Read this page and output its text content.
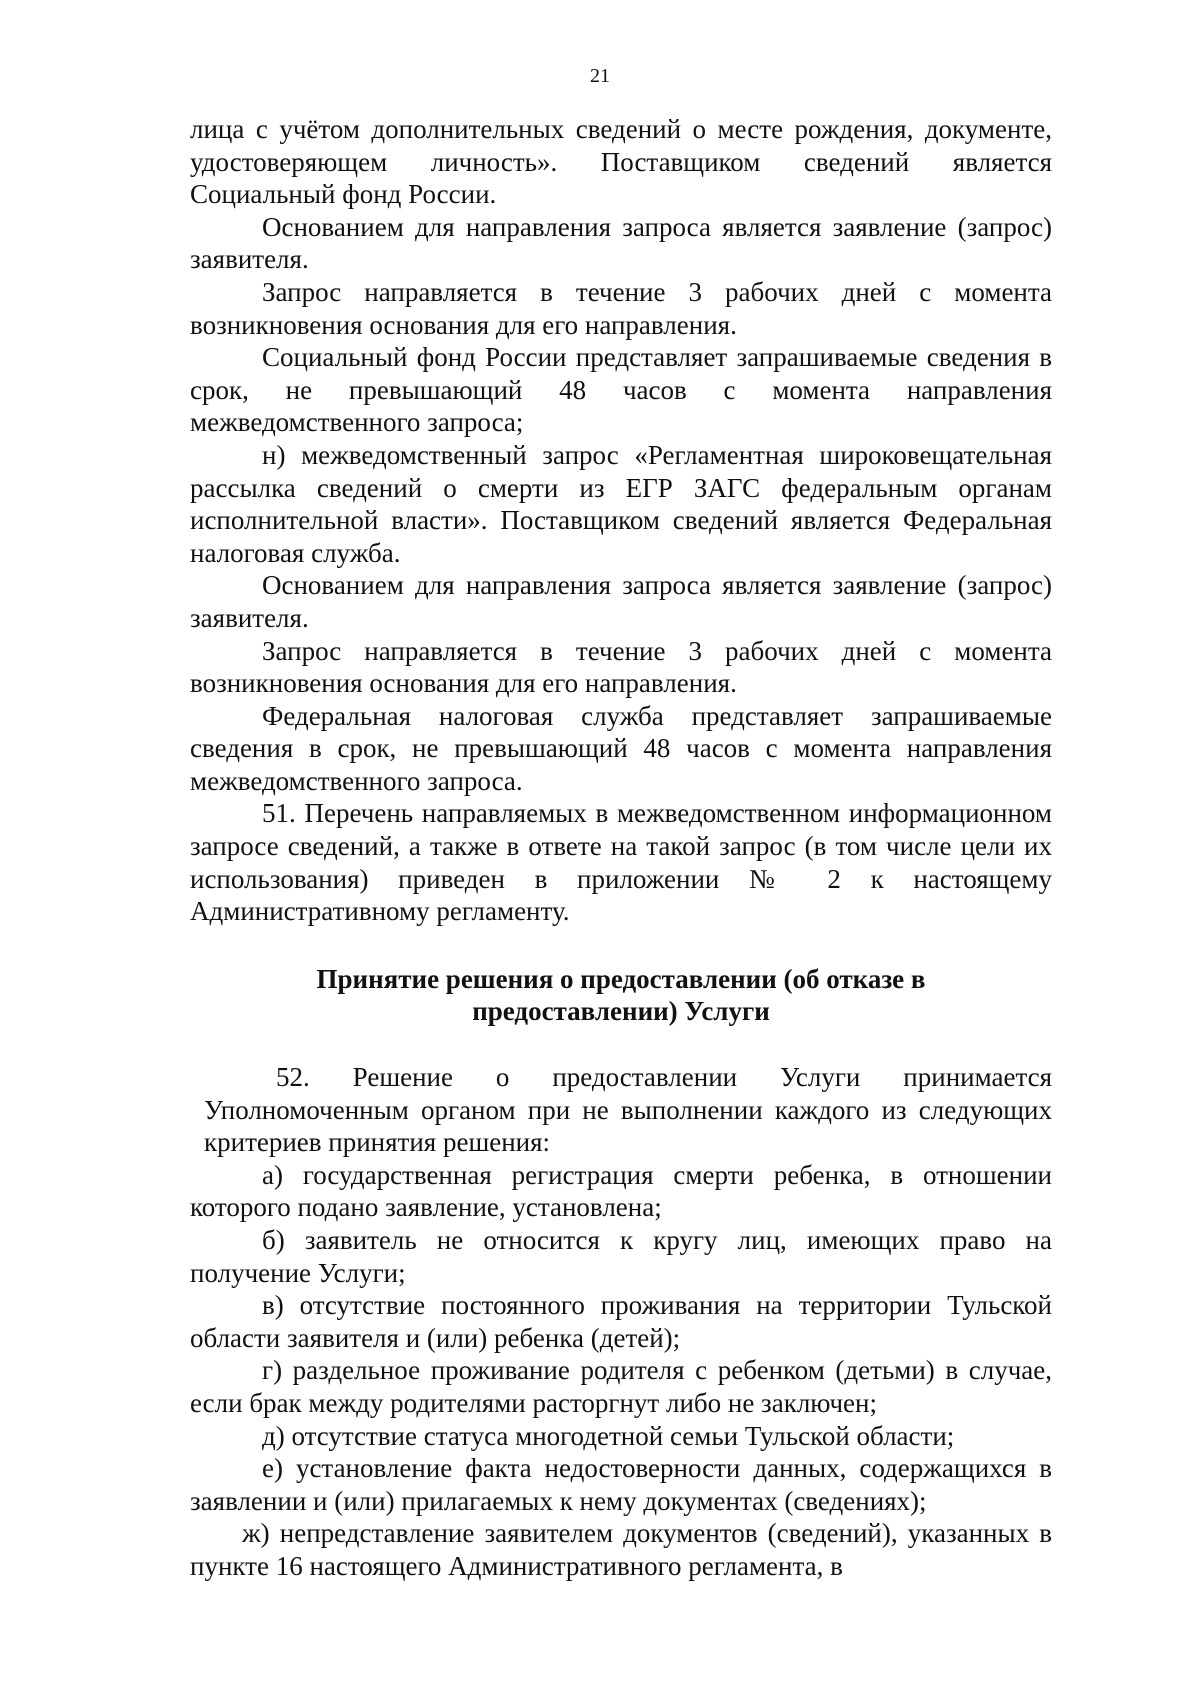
21

лица с учётом дополнительных сведений о месте рождения, документе, удостоверяющем личность». Поставщиком сведений является Социальный фонд России.

Основанием для направления запроса является заявление (запрос) заявителя.

Запрос направляется в течение 3 рабочих дней с момента возникновения основания для его направления.

Социальный фонд России представляет запрашиваемые сведения в срок, не превышающий 48 часов с момента направления межведомственного запроса;

н) межведомственный запрос «Регламентная широковещательная рассылка сведений о смерти из ЕГР ЗАГС федеральным органам исполнительной власти». Поставщиком сведений является Федеральная налоговая служба.

Основанием для направления запроса является заявление (запрос) заявителя.

Запрос направляется в течение 3 рабочих дней с момента возникновения основания для его направления.

Федеральная налоговая служба представляет запрашиваемые сведения в срок, не превышающий 48 часов с момента направления межведомственного запроса.

51. Перечень направляемых в межведомственном информационном запросе сведений, а также в ответе на такой запрос (в том числе цели их использования) приведен в приложении № 2 к настоящему Административному регламенту.

Принятие решения о предоставлении (об отказе в предоставлении) Услуги

52. Решение о предоставлении Услуги принимается Уполномоченным органом при не выполнении каждого из следующих критериев принятия решения:

а) государственная регистрация смерти ребенка, в отношении которого подано заявление, установлена;

б) заявитель не относится к кругу лиц, имеющих право на получение Услуги;

в) отсутствие постоянного проживания на территории Тульской области заявителя и (или) ребенка (детей);

г) раздельное проживание родителя с ребенком (детьми) в случае, если брак между родителями расторгнут либо не заключен;

д) отсутствие статуса многодетной семьи Тульской области;

е) установление факта недостоверности данных, содержащихся в заявлении и (или) прилагаемых к нему документах (сведениях);

ж) непредставление заявителем документов (сведений), указанных в пункте 16 настоящего Административного регламента, в
